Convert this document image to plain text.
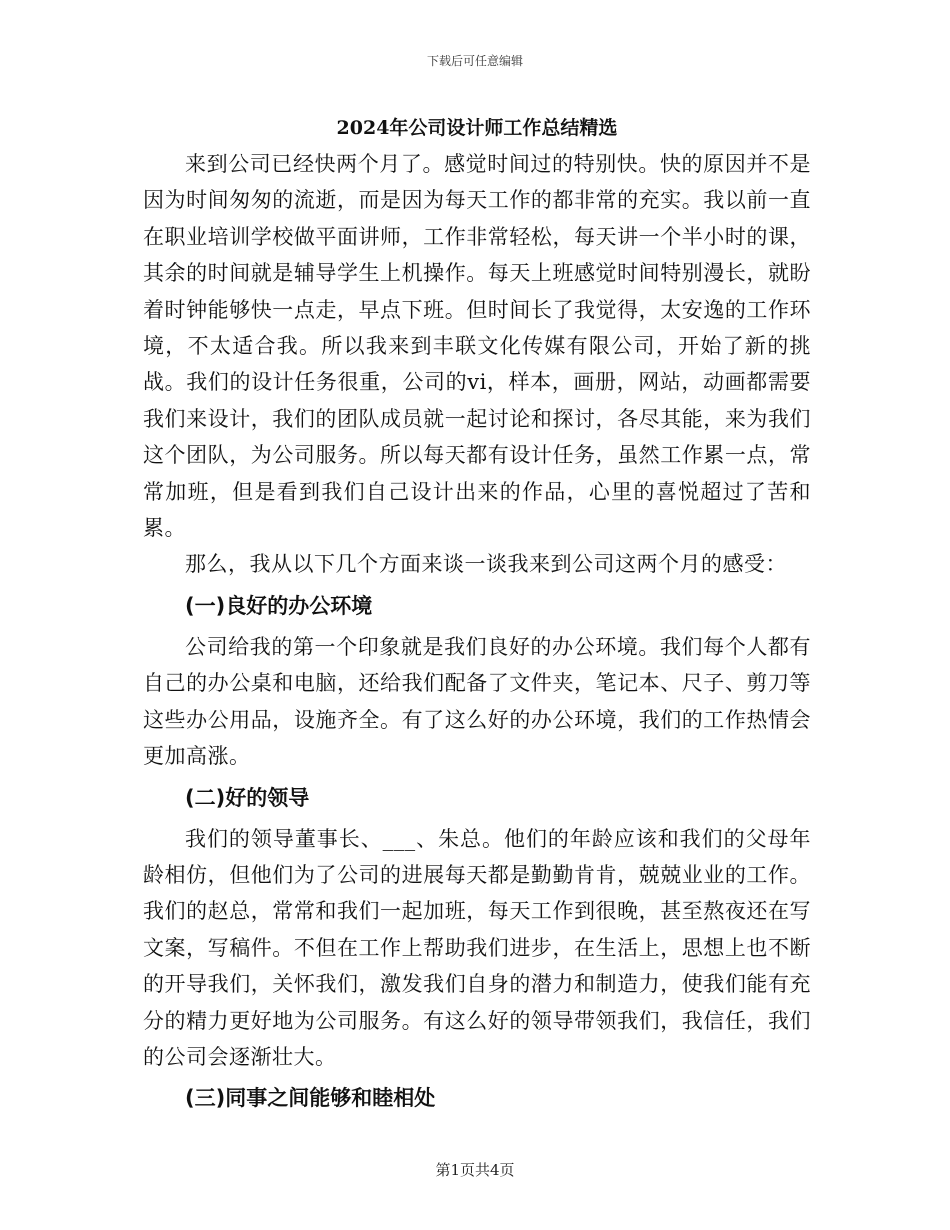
下载后可任意编辑
2024年公司设计师工作总结精选

来到公司已经快两个月了。感觉时间过的特别快。快的原因并不是因为时间匆匆的流逝，而是因为每天工作的都非常的充实。我以前一直在职业培训学校做平面讲师，工作非常轻松，每天讲一个半小时的课，其余的时间就是辅导学生上机操作。每天上班感觉时间特别漫长，就盼着时钟能够快一点走，早点下班。但时间长了我觉得，太安逸的工作环境，不太适合我。所以我来到丰联文化传媒有限公司，开始了新的挑战。我们的设计任务很重，公司的vi，样本，画册，网站，动画都需要我们来设计，我们的团队成员就一起讨论和探讨，各尽其能，来为我们这个团队，为公司服务。所以每天都有设计任务，虽然工作累一点，常常加班，但是看到我们自己设计出来的作品，心里的喜悦超过了苦和累。

那么，我从以下几个方面来谈一谈我来到公司这两个月的感受：

(一)良好的办公环境

公司给我的第一个印象就是我们良好的办公环境。我们每个人都有自己的办公桌和电脑，还给我们配备了文件夹，笔记本、尺子、剪刀等这些办公用品，设施齐全。有了这么好的办公环境，我们的工作热情会更加高涨。

(二)好的领导

我们的领导董事长、___、朱总。他们的年龄应该和我们的父母年龄相仿，但他们为了公司的进展每天都是勤勤肯肯，兢兢业业的工作。我们的赵总，常常和我们一起加班，每天工作到很晚，甚至熬夜还在写文案，写稿件。不但在工作上帮助我们进步，在生活上，思想上也不断的开导我们，关怀我们，激发我们自身的潜力和制造力，使我们能有充分的精力更好地为公司服务。有这么好的领导带领我们，我信任，我们的公司会逐渐壮大。

(三)同事之间能够和睦相处
第1页共4页
